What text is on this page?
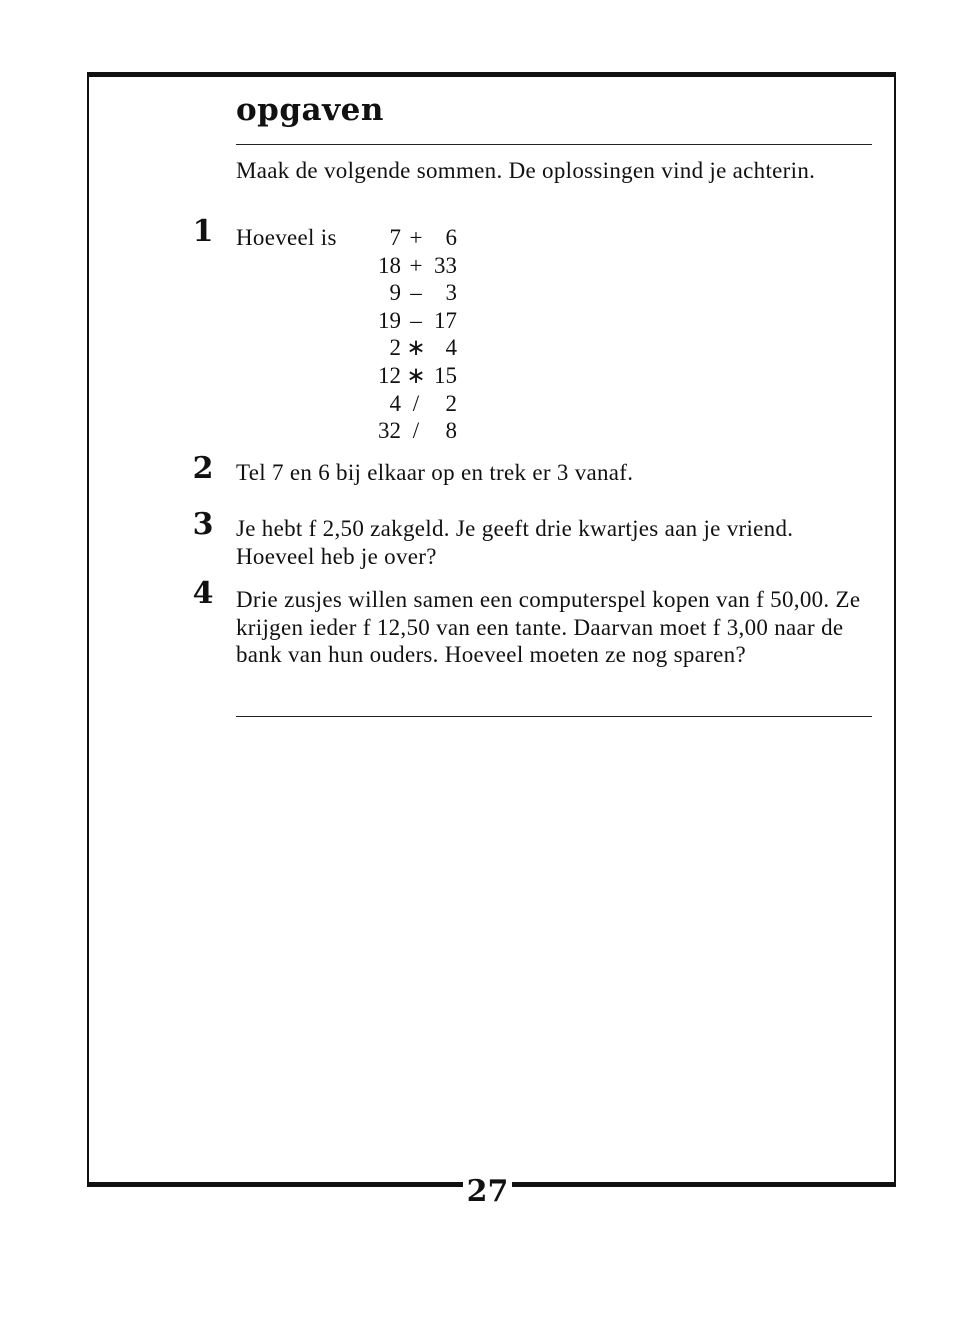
27
opgaven
Maak de volgende sommen. De oplossingen vind je achterin.
1 Hoeveel is	7 +	6
18 + 33
9 –	3
19 – 17
2 ∗ 4
12 ∗ 15
4 /	2
32 /	8
2 Tel 7 en 6 bij elkaar op en trek er 3 vanaf.
3 Je hebt f 2,50 zakgeld. Je geeft drie kwartjes aan je vriend. Hoeveel heb je over?
4 Drie zusjes willen samen een computerspel kopen van f 50,00. Ze krijgen ieder f 12,50 van een tante. Daarvan moet f 3,00 naar de bank van hun ouders. Hoeveel moeten ze nog sparen?
